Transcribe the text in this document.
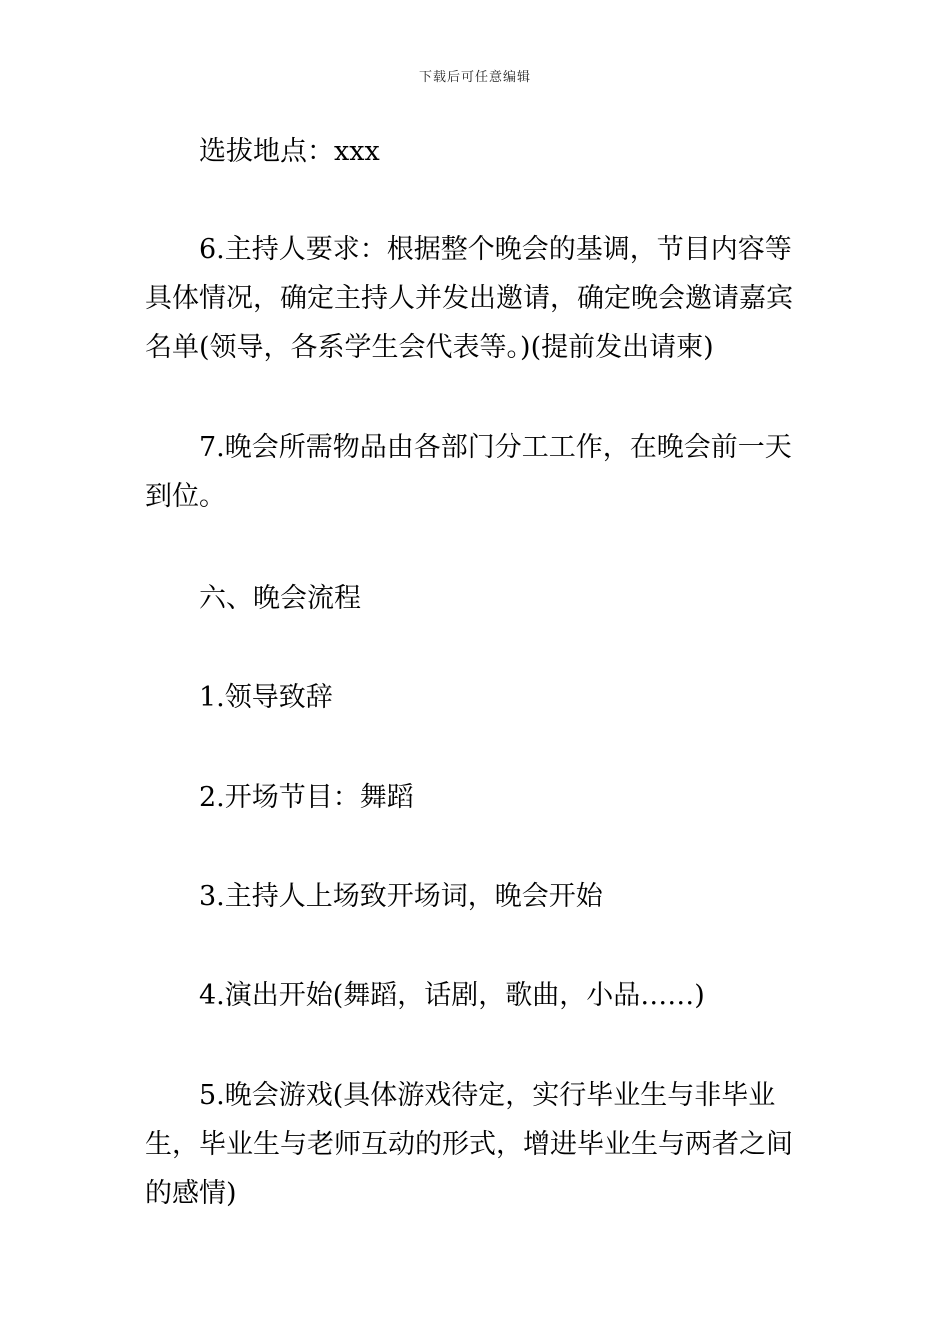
下载后可任意编辑
选拔地点：xxx
6.主持人要求：根据整个晚会的基调，节目内容等具体情况，确定主持人并发出邀请，确定晚会邀请嘉宾名单(领导，各系学生会代表等。)(提前发出请柬)
7.晚会所需物品由各部门分工工作，在晚会前一天到位。
六、晚会流程
1.领导致辞
2.开场节目：舞蹈
3.主持人上场致开场词，晚会开始
4.演出开始(舞蹈，话剧，歌曲，小品……)
5.晚会游戏(具体游戏待定，实行毕业生与非毕业生，毕业生与老师互动的形式，增进毕业生与两者之间的感情)
